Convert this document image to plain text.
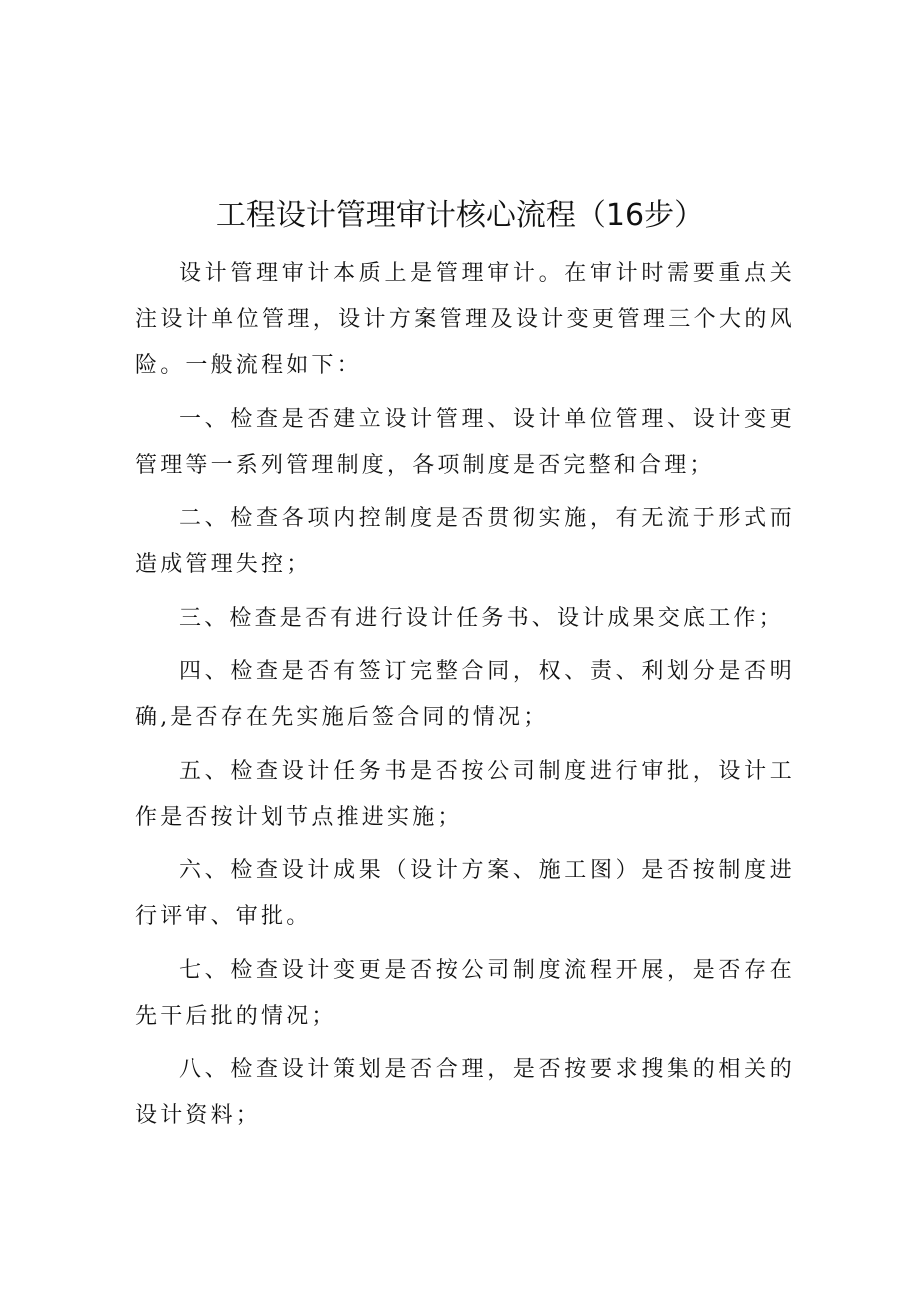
工程设计管理审计核心流程（16步）

设计管理审计本质上是管理审计。在审计时需要重点关注设计单位管理，设计方案管理及设计变更管理三个大的风险。一般流程如下：

一、检查是否建立设计管理、设计单位管理、设计变更管理等一系列管理制度，各项制度是否完整和合理；

二、检查各项内控制度是否贯彻实施，有无流于形式而造成管理失控；

三、检查是否有进行设计任务书、设计成果交底工作；

四、检查是否有签订完整合同，权、责、利划分是否明确,是否存在先实施后签合同的情况；

五、检查设计任务书是否按公司制度进行审批，设计工作是否按计划节点推进实施；

六、检查设计成果（设计方案、施工图）是否按制度进行评审、审批。

七、检查设计变更是否按公司制度流程开展，是否存在先干后批的情况；

八、检查设计策划是否合理，是否按要求搜集的相关的设计资料；
